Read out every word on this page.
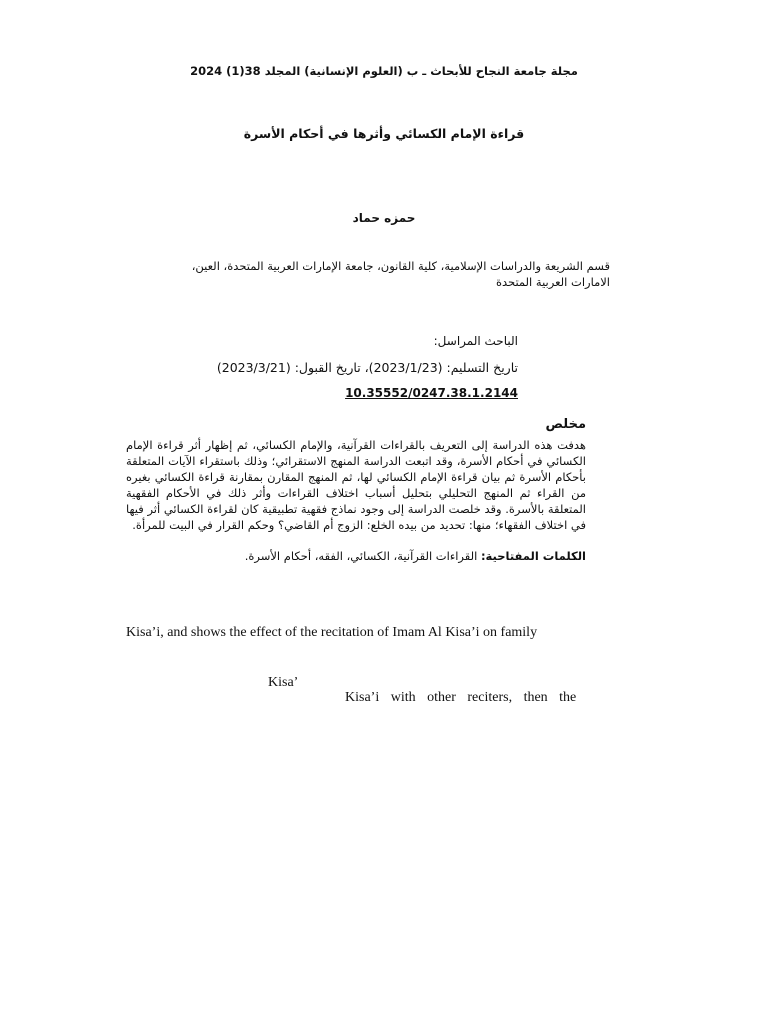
مجلة جامعة النجاح للأبحاث ـ ب (العلوم الإنسانية) المجلد 38(1) 2024
قراءة الإمام الكسائي وأثرها في أحكام الأسرة
حمزه حماد
قسم الشريعة والدراسات الإسلامية، كلية القانون، جامعة الإمارات العربية المتحدة، العين، الامارات العربية المتحدة
الباحث المراسل:
تاريخ التسليم: (2023/1/23)، تاريخ القبول: (2023/3/21)
10.35552/0247.38.1.2144
مخلص
هدفت هذه الدراسة إلى التعريف بالقراءات القرآنية، والإمام الكسائي، ثم إظهار أثر قراءة الإمام الكسائي في أحكام الأسرة، وقد اتبعت الدراسة المنهج الاستقرائي؛ وذلك باستقراء الآيات المتعلقة بأحكام الأسرة ثم بيان قراءة الإمام الكسائي لها، ثم المنهج المقارن بمقارنة قراءة الكسائي بغيره من القراء ثم المنهج التحليلي بتحليل أسباب اختلاف القراءات وأثر ذلك في الأحكام الفقهية المتعلقة بالأسرة. وقد خلصت الدراسة إلى وجود نماذج فقهية تطبيقية كان لقراءة الكسائي أثر فيها في اختلاف الفقهاء؛ منها: تحديد من بيده الخلع: الزوج أم القاضي؟ وحكم القرار في البيت للمرأة.
الكلمات المفتاحية: القراءات القرآنية، الكسائي، الفقه، أحكام الأسرة.
Kisa’i, and shows the effect of the recitation of Imam Al Kisa’i on family
Kisa’
Kisa’i with other reciters, then the
